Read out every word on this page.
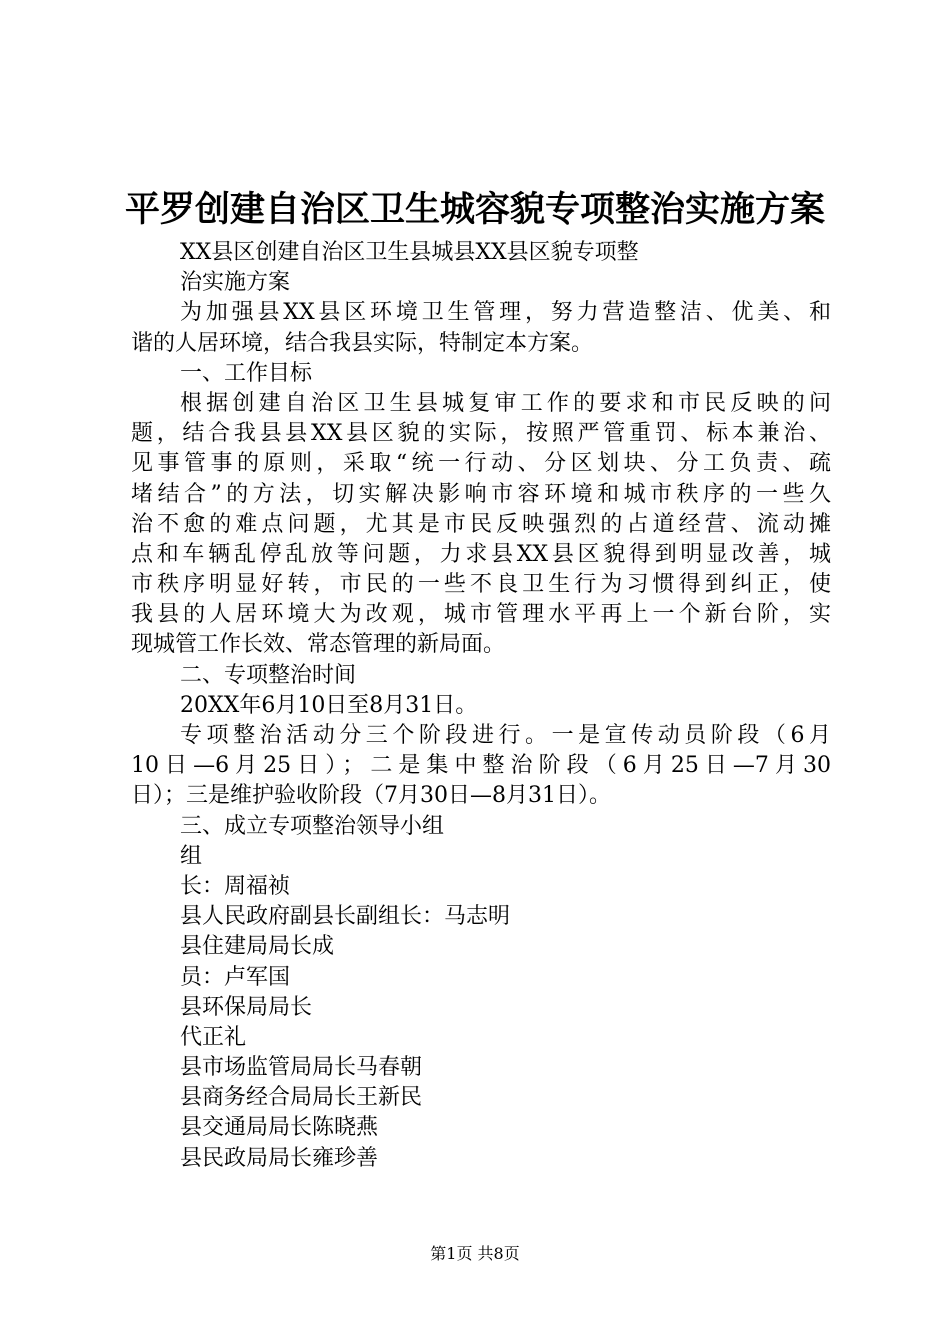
平罗创建自治区卫生城容貌专项整治实施方案
XX县区创建自治区卫生县城县XX县区貌专项整
治实施方案
为加强县XX县区环境卫生管理，努力营造整洁、优美、和
谐的人居环境，结合我县实际，特制定本方案。
一、工作目标
根据创建自治区卫生县城复审工作的要求和市民反映的问
题，结合我县县XX县区貌的实际，按照严管重罚、标本兼治、
见事管事的原则，采取“统一行动、分区划块、分工负责、疏
堵结合”的方法，切实解决影响市容环境和城市秩序的一些久
治不愈的难点问题，尤其是市民反映强烈的占道经营、流动摊
点和车辆乱停乱放等问题，力求县XX县区貌得到明显改善，城
市秩序明显好转，市民的一些不良卫生行为习惯得到纠正，使
我县的人居环境大为改观，城市管理水平再上一个新台阶，实
现城管工作长效、常态管理的新局面。
二、专项整治时间
20XX年6月10日至8月31日。
专项整治活动分三个阶段进行。一是宣传动员阶段（6月
10日—6月25日）；二是集中整治阶段（6月25日—7月30
日）；三是维护验收阶段（7月30日—8月31日）。
三、成立专项整治领导小组
组
长：周福祯
县人民政府副县长副组长：马志明
县住建局局长成
员：卢军国
县环保局局长
代正礼
县市场监管局局长马春朝
县商务经合局局长王新民
县交通局局长陈晓燕
县民政局局长雍珍善
第1页 共8页
